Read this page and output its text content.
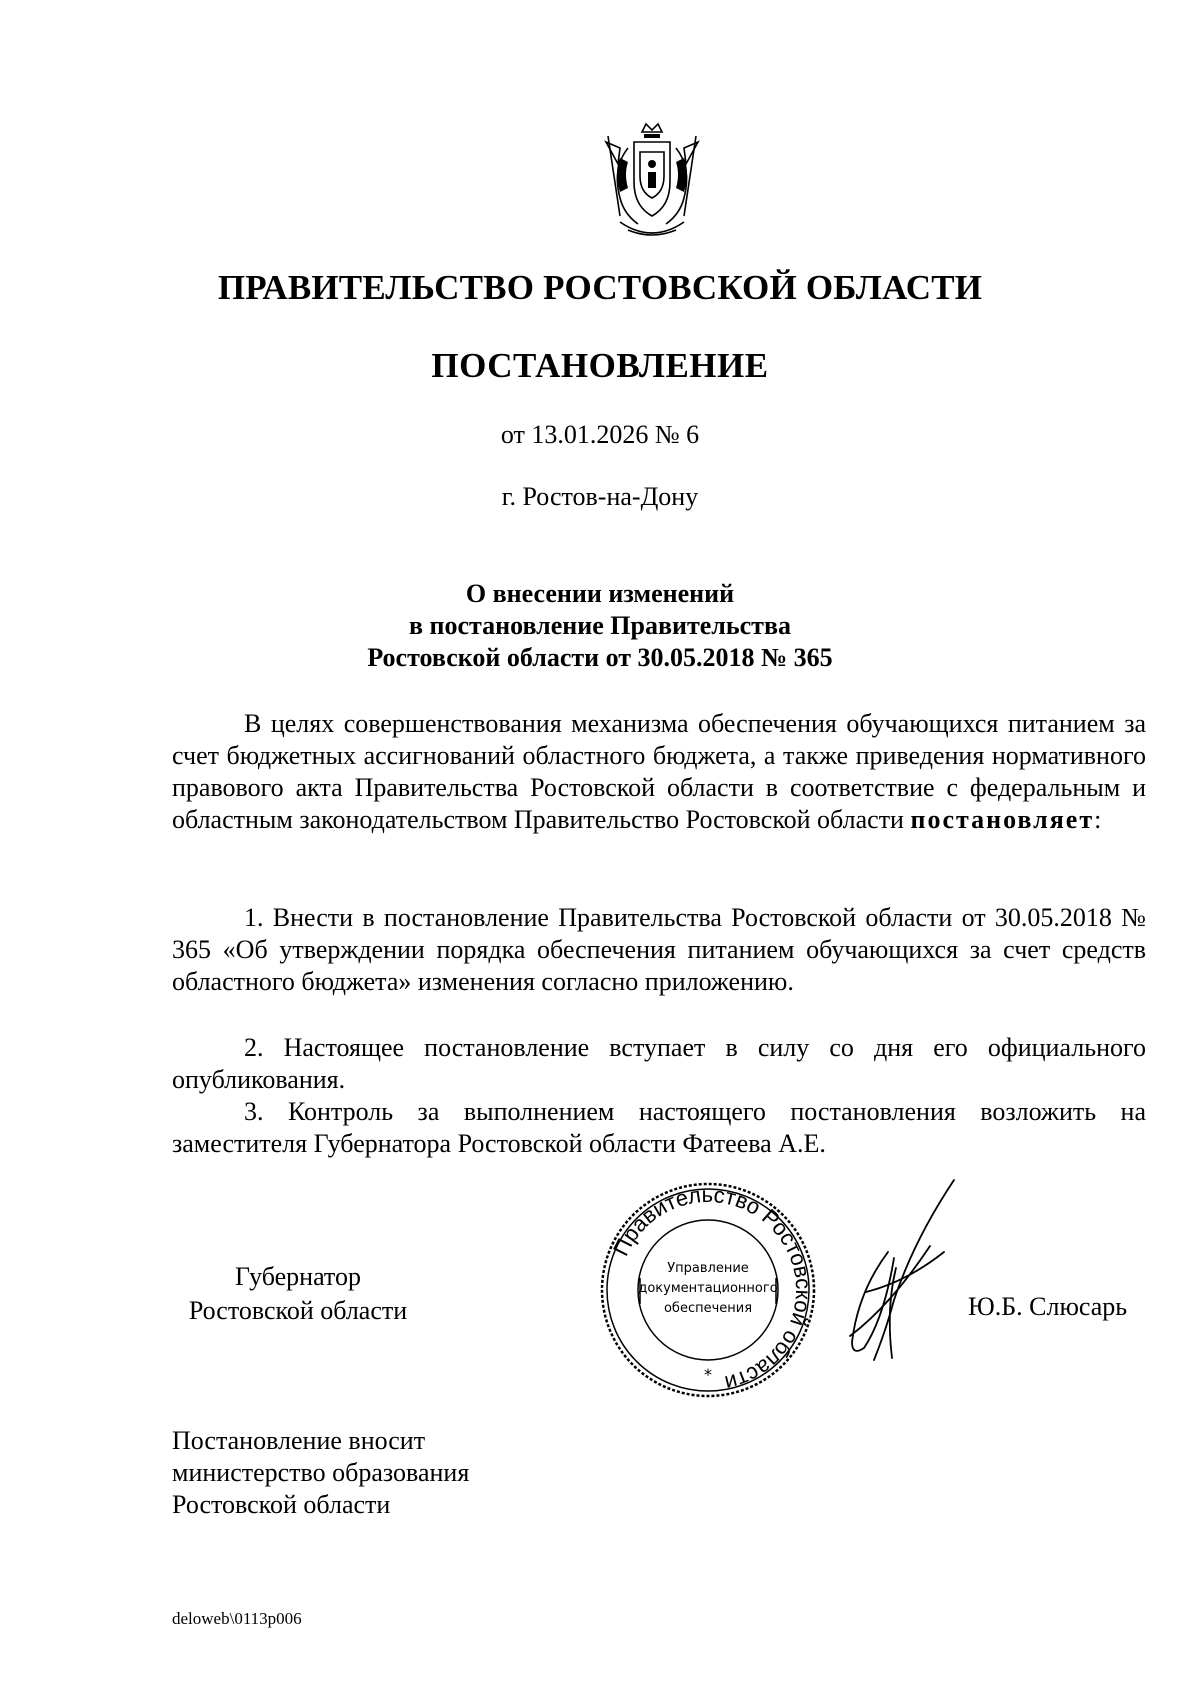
ПРАВИТЕЛЬСТВО РОСТОВСКОЙ ОБЛАСТИ
ПОСТАНОВЛЕНИЕ
от 13.01.2026 № 6
г. Ростов-на-Дону
О внесении изменений
в постановление Правительства
Ростовской области от 30.05.2018 № 365
В целях совершенствования механизма обеспечения обучающихся питанием за счет бюджетных ассигнований областного бюджета, а также приведения нормативного правового акта Правительства Ростовской области в соответствие с федеральным и областным законодательством Правительство Ростовской области постановляет:
1. Внести в постановление Правительства Ростовской области от 30.05.2018 № 365 «Об утверждении порядка обеспечения питанием обучающихся за счет средств областного бюджета» изменения согласно приложению.
2. Настоящее постановление вступает в силу со дня его официального опубликования.
3. Контроль за выполнением настоящего постановления возложить на заместителя Губернатора Ростовской области Фатеева А.Е.
Губернатор
Ростовской области
Правительство Ростовской области
Управление
документационного
обеспечения
*
Ю.Б. Слюсарь
Постановление вносит
министерство образования
Ростовской области
deloweb\0113p006
